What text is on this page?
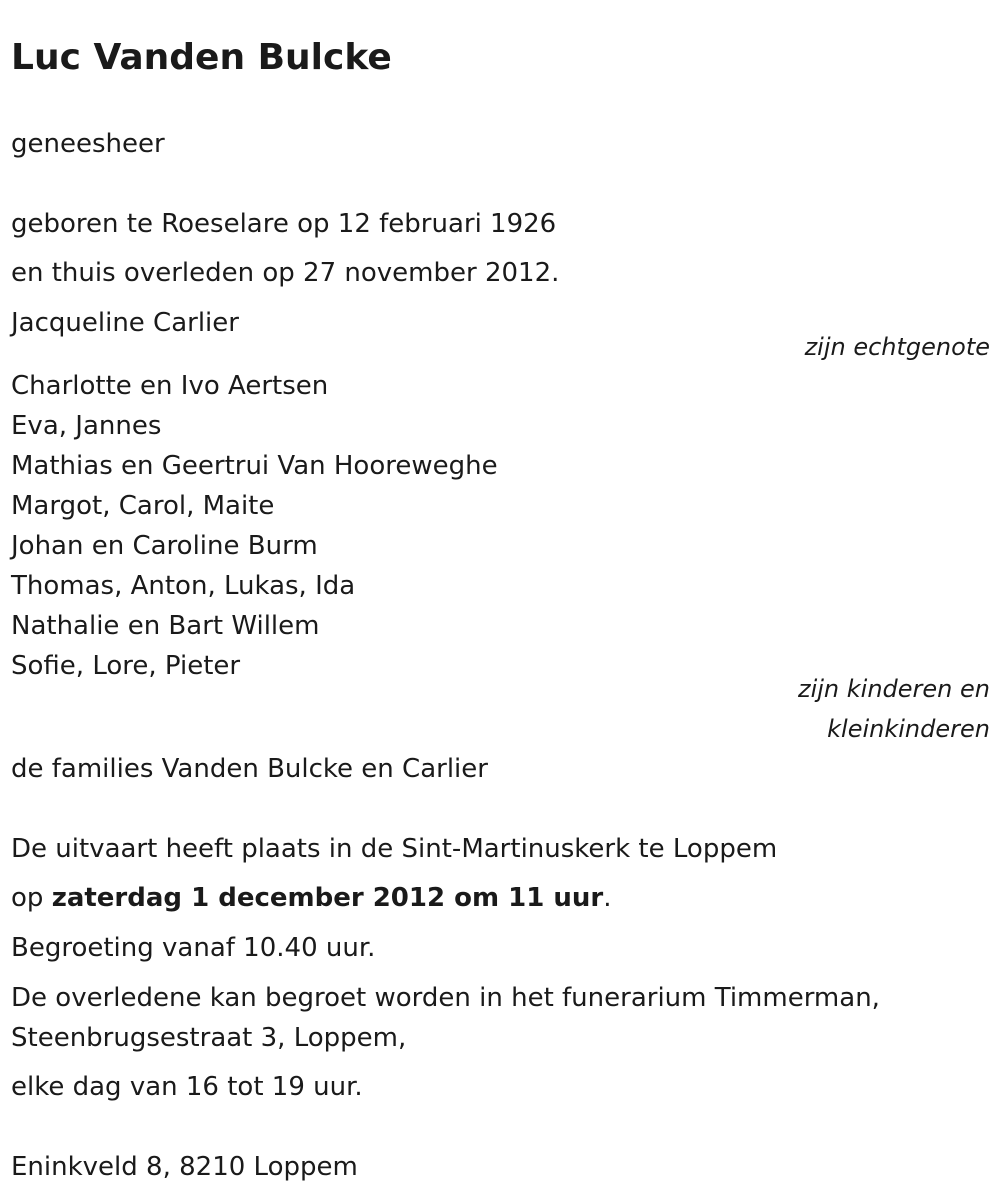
Luc Vanden Bulcke
geneesheer
geboren te Roeselare op 12 februari 1926
en thuis overleden op 27 november 2012.
Jacqueline Carlier
zijn echtgenote
Charlotte en Ivo Aertsen
Eva, Jannes
Mathias en Geertrui Van Hooreweghe
Margot, Carol, Maite
Johan en Caroline Burm
Thomas, Anton, Lukas, Ida
Nathalie en Bart Willem
Sofie, Lore, Pieter
zijn kinderen en
kleinkinderen
de families Vanden Bulcke en Carlier
De uitvaart heeft plaats in de Sint-Martinuskerk te Loppem
op zaterdag 1 december 2012 om 11 uur.
Begroeting vanaf 10.40 uur.
De overledene kan begroet worden in het funerarium Timmerman,
Steenbrugsestraat 3, Loppem,
elke dag van 16 tot 19 uur.
Eninkveld 8, 8210 Loppem
